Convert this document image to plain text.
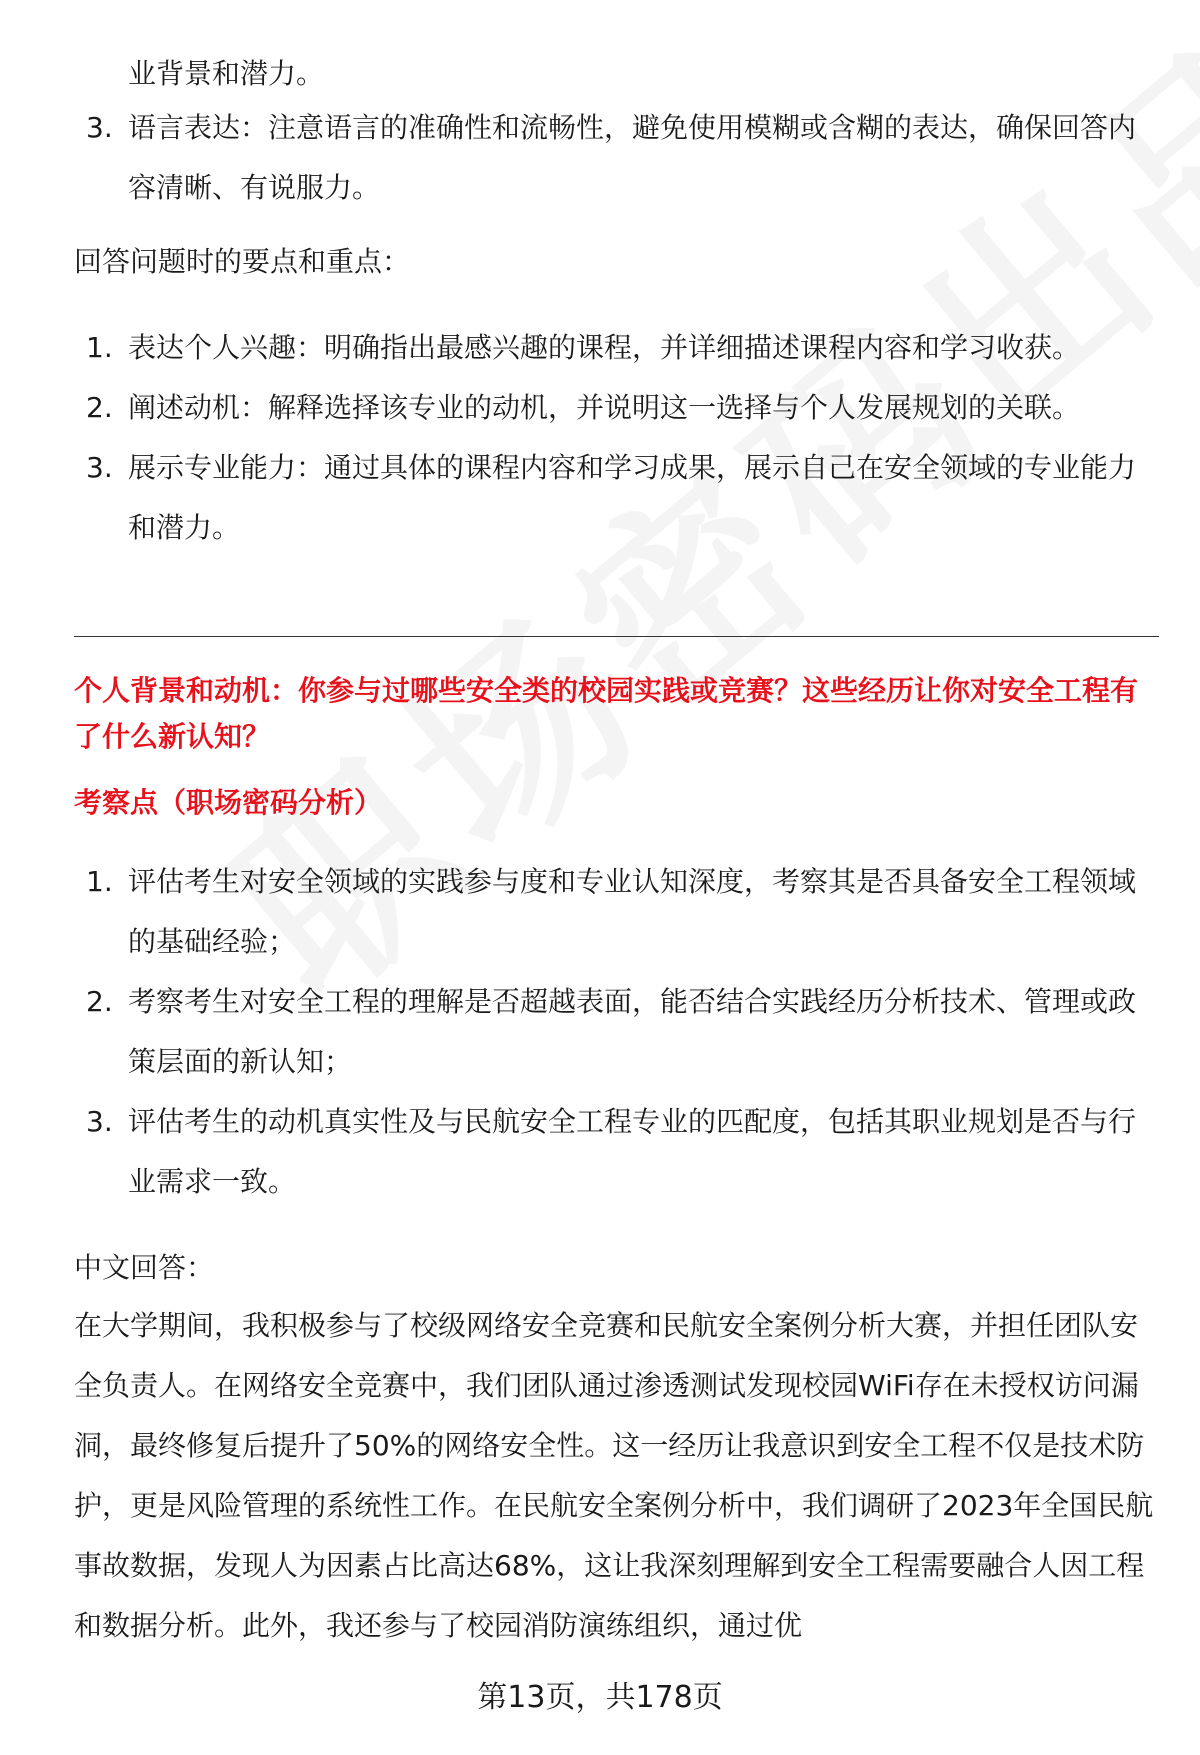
业背景和潜力。

3. 语言表达：注意语言的准确性和流畅性，避免使用模糊或含糊的表达，确保回答内容清晰、有说服力。

回答问题时的要点和重点：

1. 表达个人兴趣：明确指出最感兴趣的课程，并详细描述课程内容和学习收获。
2. 阐述动机：解释选择该专业的动机，并说明这一选择与个人发展规划的关联。
3. 展示专业能力：通过具体的课程内容和学习成果，展示自己在安全领域的专业能力和潜力。

个人背景和动机：你参与过哪些安全类的校园实践或竞赛？这些经历让你对安全工程有了什么新认知？

考察点（职场密码分析）

1. 评估考生对安全领域的实践参与度和专业认知深度，考察其是否具备安全工程领域的基础经验；
2. 考察考生对安全工程的理解是否超越表面，能否结合实践经历分析技术、管理或政策层面的新认知；
3. 评估考生的动机真实性及与民航安全工程专业的匹配度，包括其职业规划是否与行业需求一致。

中文回答：

在大学期间，我积极参与了校级网络安全竞赛和民航安全案例分析大赛，并担任团队安全负责人。在网络安全竞赛中，我们团队通过渗透测试发现校园WiFi存在未授权访问漏洞，最终修复后提升了50%的网络安全性。这一经历让我意识到安全工程不仅是技术防护，更是风险管理的系统性工作。在民航安全案例分析中，我们调研了2023年全国民航事故数据，发现人为因素占比高达68%，这让我深刻理解到安全工程需要融合人因工程和数据分析。此外，我还参与了校园消防演练组织，通过优

第13页，共178页
